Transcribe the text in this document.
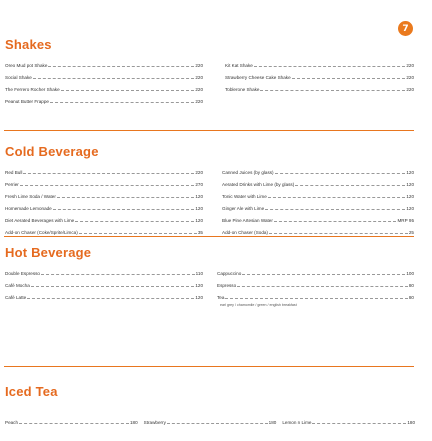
7
Shakes
Oreo Mud pot Shake	220
Social Shake	220
The Ferrero Rocher Shake	220
Peanut Butter Frappe	220
Kit Kat Shake	220
Strawberry Cheese Cake Shake	220
Toblerone Shake	220
Cold Beverage
Red Bull	220
Perrier	270
Fresh Lime Soda / Water	120
Homemade Lemonade	120
Diet Aerated Beverages with Lime	120
Add-on Chaser (Coke/Sprite/Limca)	35
Canned Juices (by glass)	120
Aerated Drinks with Lime (by glass)	120
Tonic Water with Lime	120
Ginger Ale with Lime	120
Blue Pine Artesian Water	MRP 95
Add-on Chaser (Soda)	25
Hot Beverage
Double Espresso	110
Café Mocha	120
Café Latte	120
Cappuccino	100
Espresso	80
Tea	80
earl grey / chamomile / green / english breakfast
Iced Tea
Peach	180 Strawberry	180 Lemon n Lime	180
